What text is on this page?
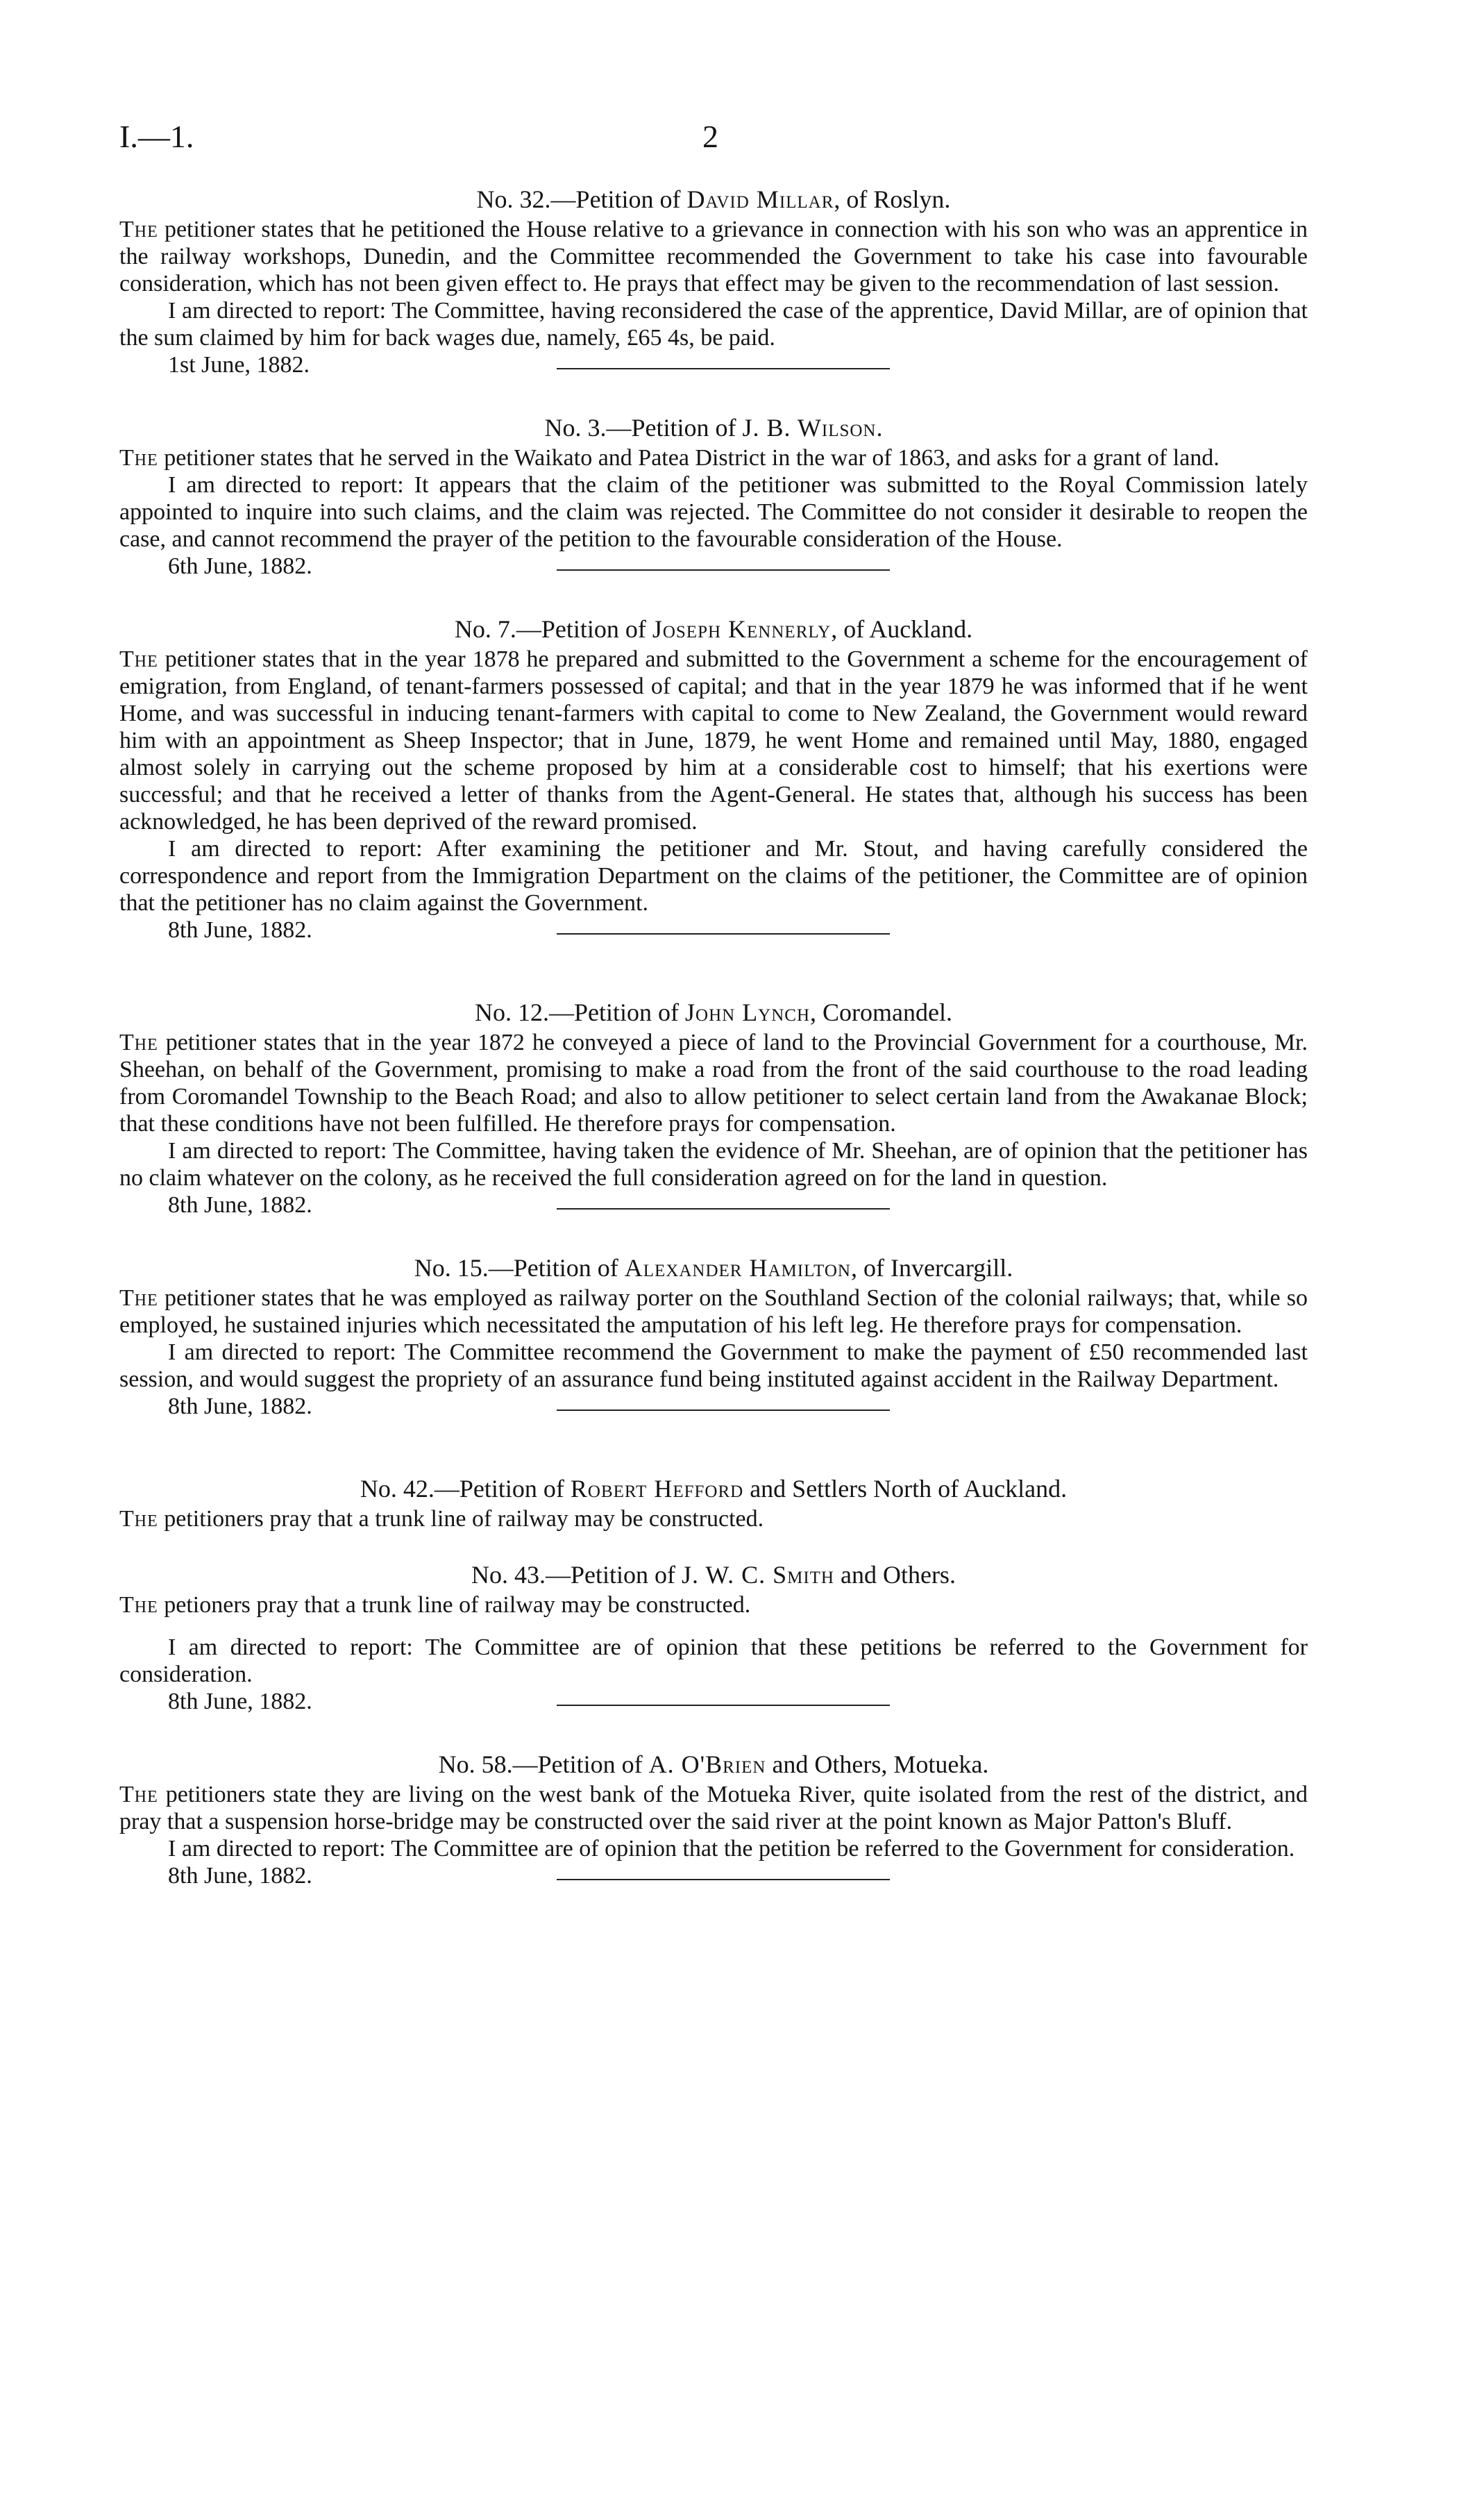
I.—1.	2
No. 32.—Petition of David Millar, of Roslyn.

The petitioner states that he petitioned the House relative to a grievance in connection with his son who was an apprentice in the railway workshops, Dunedin, and the Committee recommended the Government to take his case into favourable consideration, which has not been given effect to. He prays that effect may be given to the recommendation of last session.

I am directed to report: The Committee, having reconsidered the case of the apprentice, David Millar, are of opinion that the sum claimed by him for back wages due, namely, £65 4s, be paid.

1st June, 1882.
No. 3.—Petition of J. B. Wilson.

The petitioner states that he served in the Waikato and Patea District in the war of 1863, and asks for a grant of land.

I am directed to report: It appears that the claim of the petitioner was submitted to the Royal Commission lately appointed to inquire into such claims, and the claim was rejected. The Committee do not consider it desirable to reopen the case, and cannot recommend the prayer of the petition to the favourable consideration of the House.

6th June, 1882.
No. 7.—Petition of Joseph Kennerly, of Auckland.

The petitioner states that in the year 1878 he prepared and submitted to the Government a scheme for the encouragement of emigration, from England, of tenant-farmers possessed of capital; and that in the year 1879 he was informed that if he went Home, and was successful in inducing tenant-farmers with capital to come to New Zealand, the Government would reward him with an appointment as Sheep Inspector; that in June, 1879, he went Home and remained until May, 1880, engaged almost solely in carrying out the scheme proposed by him at a considerable cost to himself; that his exertions were successful; and that he received a letter of thanks from the Agent-General. He states that, although his success has been acknowledged, he has been deprived of the reward promised.

I am directed to report: After examining the petitioner and Mr. Stout, and having carefully considered the correspondence and report from the Immigration Department on the claims of the petitioner, the Committee are of opinion that the petitioner has no claim against the Government.

8th June, 1882.
No. 12.—Petition of John Lynch, Coromandel.

The petitioner states that in the year 1872 he conveyed a piece of land to the Provincial Government for a courthouse, Mr. Sheehan, on behalf of the Government, promising to make a road from the front of the said courthouse to the road leading from Coromandel Township to the Beach Road; and also to allow petitioner to select certain land from the Awakanae Block; that these conditions have not been fulfilled. He therefore prays for compensation.

I am directed to report: The Committee, having taken the evidence of Mr. Sheehan, are of opinion that the petitioner has no claim whatever on the colony, as he received the full consideration agreed on for the land in question.

8th June, 1882.
No. 15.—Petition of Alexander Hamilton, of Invercargill.

The petitioner states that he was employed as railway porter on the Southland Section of the colonial railways; that, while so employed, he sustained injuries which necessitated the amputation of his left leg. He therefore prays for compensation.

I am directed to report: The Committee recommend the Government to make the payment of £50 recommended last session, and would suggest the propriety of an assurance fund being instituted against accident in the Railway Department.

8th June, 1882.
No. 42.—Petition of Robert Hefford and Settlers North of Auckland.

The petitioners pray that a trunk line of railway may be constructed.

No. 43.—Petition of J. W. C. Smith and Others.

The petioners pray that a trunk line of railway may be constructed.

I am directed to report: The Committee are of opinion that these petitions be referred to the Government for consideration.

8th June, 1882.
No. 58.—Petition of A. O'Brien and Others, Motueka.

The petitioners state they are living on the west bank of the Motueka River, quite isolated from the rest of the district, and pray that a suspension horse-bridge may be constructed over the said river at the point known as Major Patton's Bluff.

I am directed to report: The Committee are of opinion that the petition be referred to the Government for consideration.

8th June, 1882.
